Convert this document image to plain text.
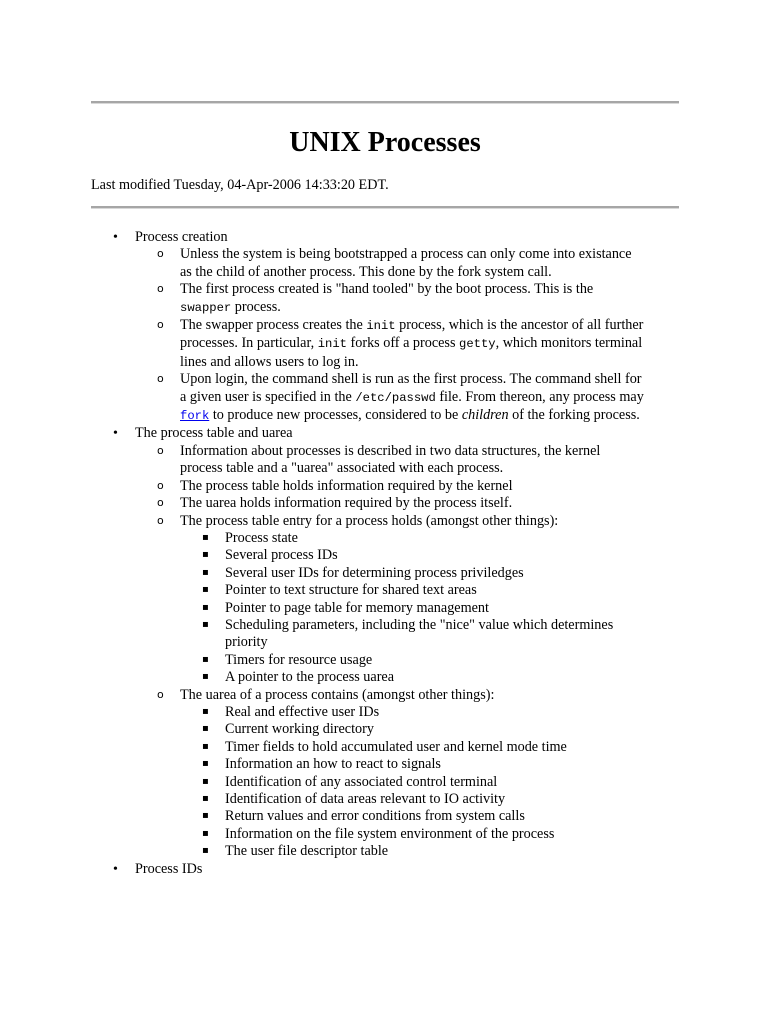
UNIX Processes

Last modified Tuesday, 04-Apr-2006 14:33:20 EDT.

• Process creation
o Unless the system is being bootstrapped a process can only come into existance as the child of another process. This done by the fork system call.
o The first process created is "hand tooled" by the boot process. This is the swapper process.
o The swapper process creates the init process, which is the ancestor of all further processes. In particular, init forks off a process getty, which monitors terminal lines and allows users to log in.
o Upon login, the command shell is run as the first process. The command shell for a given user is specified in the /etc/passwd file. From thereon, any process may fork to produce new processes, considered to be children of the forking process.
• The process table and uarea
o Information about processes is described in two data structures, the kernel process table and a "uarea" associated with each process.
o The process table holds information required by the kernel
o The uarea holds information required by the process itself.
o The process table entry for a process holds (amongst other things):
▪ Process state
▪ Several process IDs
▪ Several user IDs for determining process priviledges
▪ Pointer to text structure for shared text areas
▪ Pointer to page table for memory management
▪ Scheduling parameters, including the "nice" value which determines priority
▪ Timers for resource usage
▪ A pointer to the process uarea
o The uarea of a process contains (amongst other things):
▪ Real and effective user IDs
▪ Current working directory
▪ Timer fields to hold accumulated user and kernel mode time
▪ Information an how to react to signals
▪ Identification of any associated control terminal
▪ Identification of data areas relevant to IO activity
▪ Return values and error conditions from system calls
▪ Information on the file system environment of the process
▪ The user file descriptor table
• Process IDs
